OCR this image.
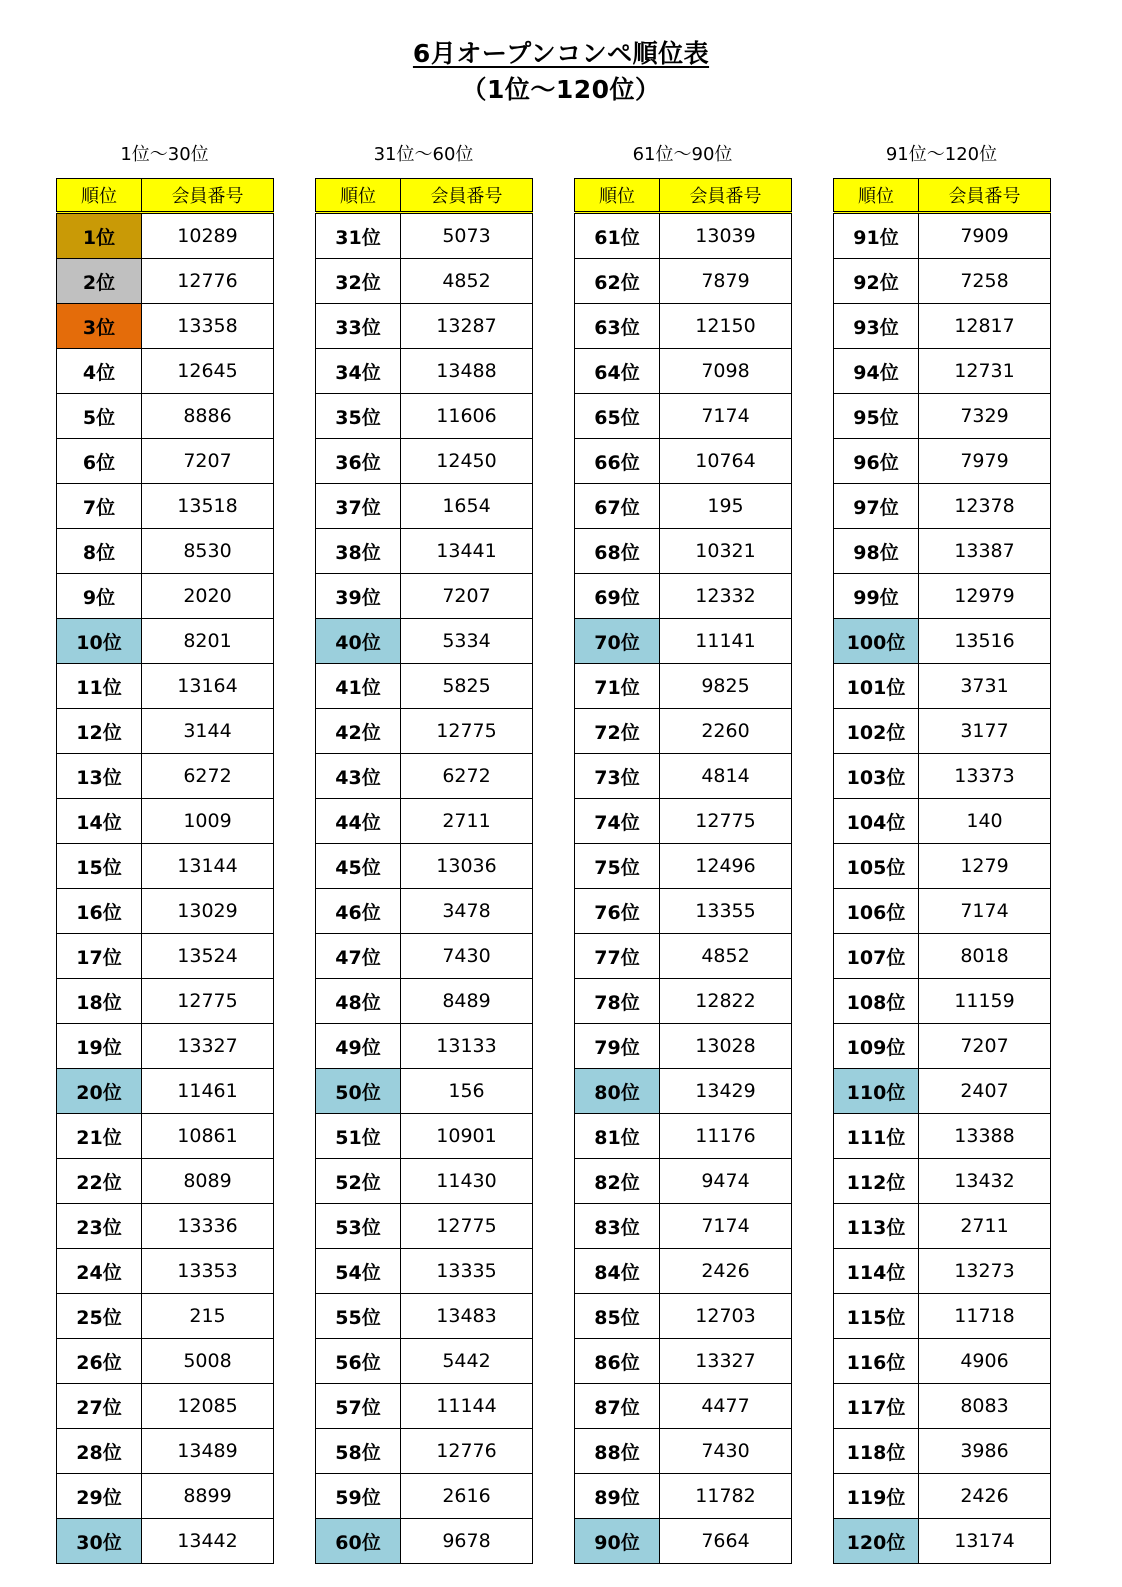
6月オープンコンペ順位表
（1位～120位）
1位～30位
順位	会員番号
1位	10289
2位	12776
3位	13358
4位	12645
5位	8886
6位	7207
7位	13518
8位	8530
9位	2020
10位	8201
11位	13164
12位	3144
13位	6272
14位	1009
15位	13144
16位	13029
17位	13524
18位	12775
19位	13327
20位	11461
21位	10861
22位	8089
23位	13336
24位	13353
25位	215
26位	5008
27位	12085
28位	13489
29位	8899
30位	13442
31位～60位
順位	会員番号
31位	5073
32位	4852
33位	13287
34位	13488
35位	11606
36位	12450
37位	1654
38位	13441
39位	7207
40位	5334
41位	5825
42位	12775
43位	6272
44位	2711
45位	13036
46位	3478
47位	7430
48位	8489
49位	13133
50位	156
51位	10901
52位	11430
53位	12775
54位	13335
55位	13483
56位	5442
57位	11144
58位	12776
59位	2616
60位	9678
61位～90位
順位	会員番号
61位	13039
62位	7879
63位	12150
64位	7098
65位	7174
66位	10764
67位	195
68位	10321
69位	12332
70位	11141
71位	9825
72位	2260
73位	4814
74位	12775
75位	12496
76位	13355
77位	4852
78位	12822
79位	13028
80位	13429
81位	11176
82位	9474
83位	7174
84位	2426
85位	12703
86位	13327
87位	4477
88位	7430
89位	11782
90位	7664
91位～120位
順位	会員番号
91位	7909
92位	7258
93位	12817
94位	12731
95位	7329
96位	7979
97位	12378
98位	13387
99位	12979
100位	13516
101位	3731
102位	3177
103位	13373
104位	140
105位	1279
106位	7174
107位	8018
108位	11159
109位	7207
110位	2407
111位	13388
112位	13432
113位	2711
114位	13273
115位	11718
116位	4906
117位	8083
118位	3986
119位	2426
120位	13174
